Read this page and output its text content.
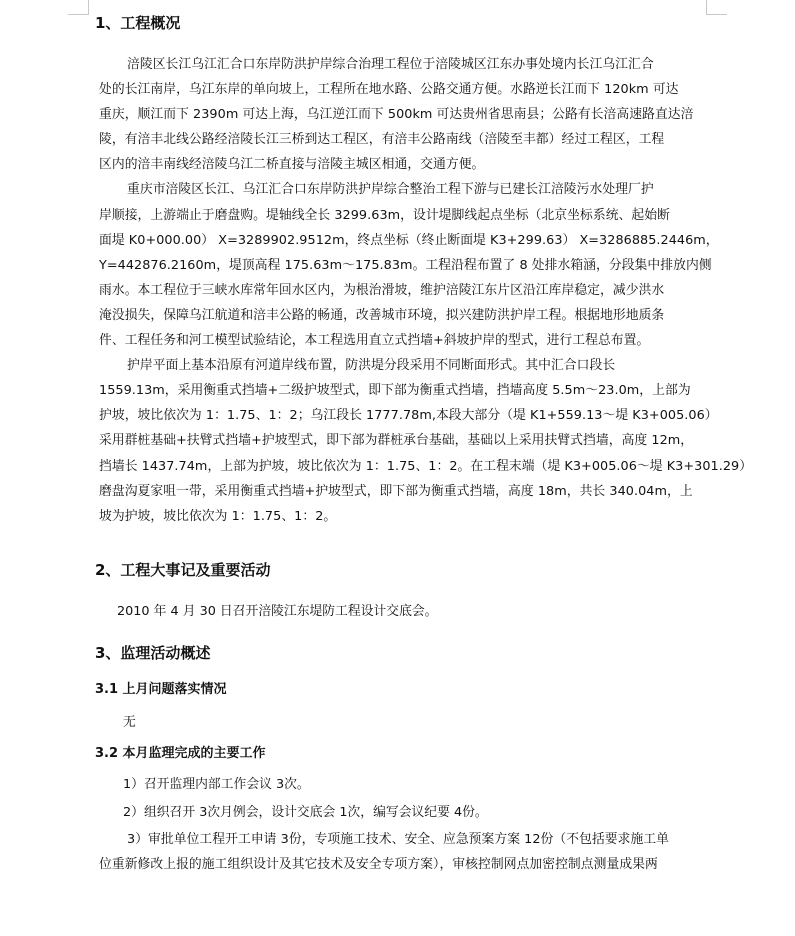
1、工程概况
涪陵区长江乌江汇合口东岸防洪护岸综合治理工程位于涪陵城区江东办事处境内长江乌江汇合
处的长江南岸，乌江东岸的单向坡上，工程所在地水路、公路交通方便。水路逆长江而下 120km 可达
重庆，顺江而下 2390m 可达上海，乌江逆江而下 500km 可达贵州省思南县；公路有长涪高速路直达涪
陵，有涪丰北线公路经涪陵长江三桥到达工程区，有涪丰公路南线（涪陵至丰都）经过工程区，工程
区内的涪丰南线经涪陵乌江二桥直接与涪陵主城区相通，交通方便。
重庆市涪陵区长江、乌江汇合口东岸防洪护岸综合整治工程下游与已建长江涪陵污水处理厂护
岸顺接，上游端止于磨盘购。堤轴线全长 3299.63m，设计堤脚线起点坐标（北京坐标系统、起始断
面堤 K0+000.00） X=3289902.9512m，终点坐标（终止断面堤 K3+299.63） X=3286885.2446m，
Y=442876.2160m，堤顶高程 175.63m～175.83m。工程沿程布置了 8 处排水箱涵，分段集中排放内侧
雨水。本工程位于三峡水库常年回水区内，为根治滑坡，维护涪陵江东片区沿江库岸稳定，减少洪水
淹没损失，保障乌江航道和涪丰公路的畅通，改善城市环境，拟兴建防洪护岸工程。根据地形地质条
件、工程任务和河工模型试验结论，本工程选用直立式挡墙+斜坡护岸的型式，进行工程总布置。
护岸平面上基本沿原有河道岸线布置，防洪堤分段采用不同断面形式。其中汇合口段长
1559.13m，采用衡重式挡墙+二级护坡型式，即下部为衡重式挡墙，挡墙高度 5.5m～23.0m，上部为
护坡，坡比依次为 1：1.75、1：2；乌江段长 1777.78m,本段大部分（堤 K1+559.13～堤 K3+005.06）
采用群桩基础+扶臂式挡墙+护坡型式，即下部为群桩承台基础，基础以上采用扶臂式挡墙，高度 12m，
挡墙长 1437.74m，上部为护坡，坡比依次为 1：1.75、1：2。在工程末端（堤 K3+005.06～堤 K3+301.29）
磨盘沟夏家咀一带，采用衡重式挡墙+护坡型式，即下部为衡重式挡墙，高度 18m，共长 340.04m，上
坡为护坡，坡比依次为 1：1.75、1：2。
2、工程大事记及重要活动

2010 年 4 月 30 日召开涪陵江东堤防工程设计交底会。

3、监理活动概述
3.1 上月问题落实情况

无

3.2 本月监理完成的主要工作

1）召开监理内部工作会议 3次。

2）组织召开 3次月例会，设计交底会 1次，编写会议纪要 4份。

3）审批单位工程开工申请 3份，专项施工技术、安全、应急预案方案 12份（不包括要求施工单
位重新修改上报的施工组织设计及其它技术及安全专项方案），审核控制网点加密控制点测量成果两
